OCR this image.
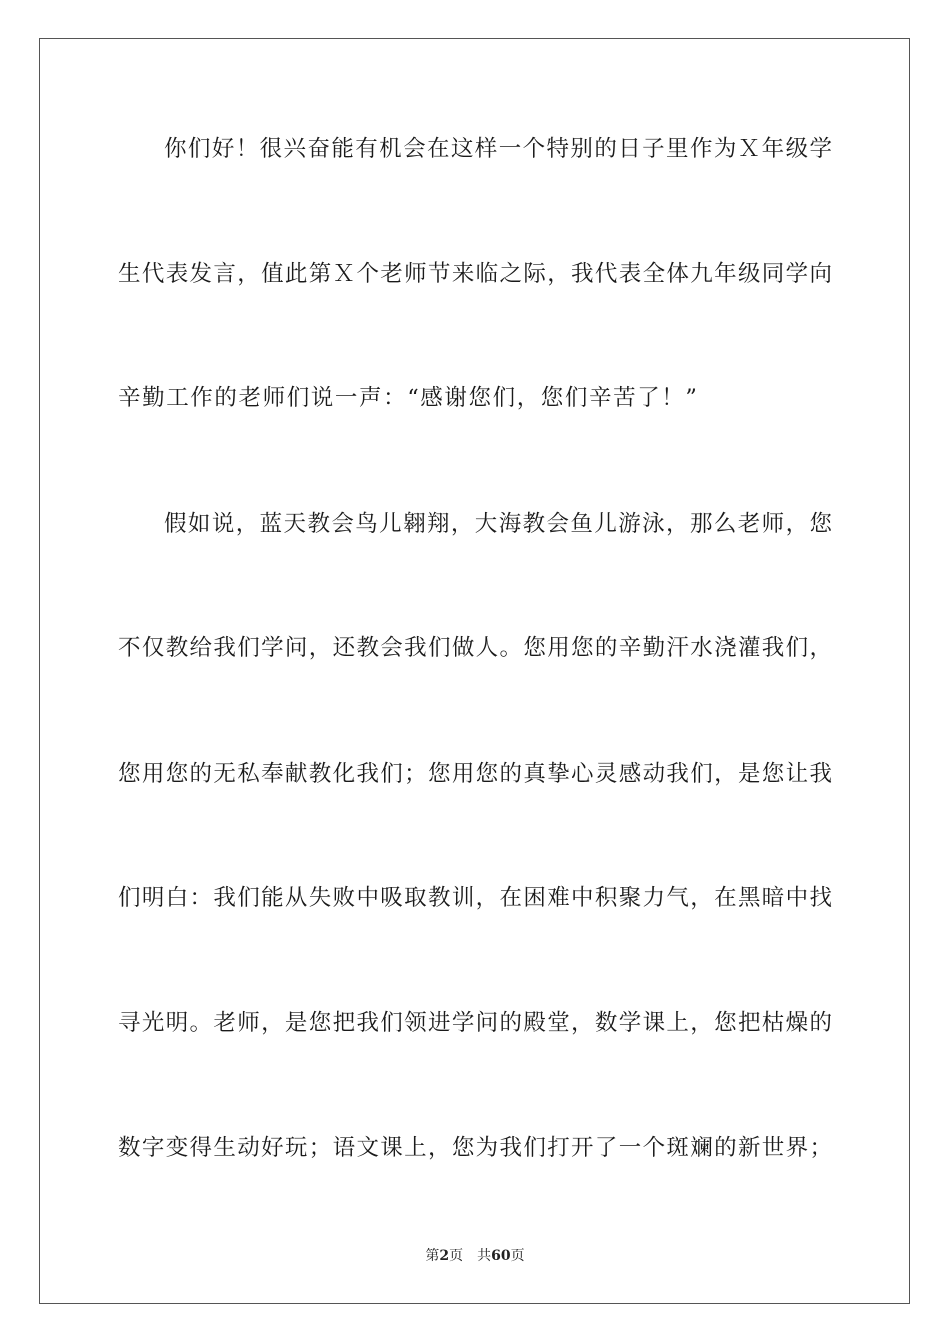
你们好！很兴奋能有机会在这样一个特别的日子里作为Ｘ年级学
生代表发言，值此第Ｘ个老师节来临之际，我代表全体九年级同学向
辛勤工作的老师们说一声：“感谢您们，您们辛苦了！”
假如说，蓝天教会鸟儿翱翔，大海教会鱼儿游泳，那么老师，您
不仅教给我们学问，还教会我们做人。您用您的辛勤汗水浇灌我们，
您用您的无私奉献教化我们；您用您的真挚心灵感动我们，是您让我
们明白：我们能从失败中吸取教训，在困难中积聚力气，在黑暗中找
寻光明。老师，是您把我们领进学问的殿堂，数学课上，您把枯燥的
数字变得生动好玩；语文课上，您为我们打开了一个斑斓的新世界；
第2页 共60页
